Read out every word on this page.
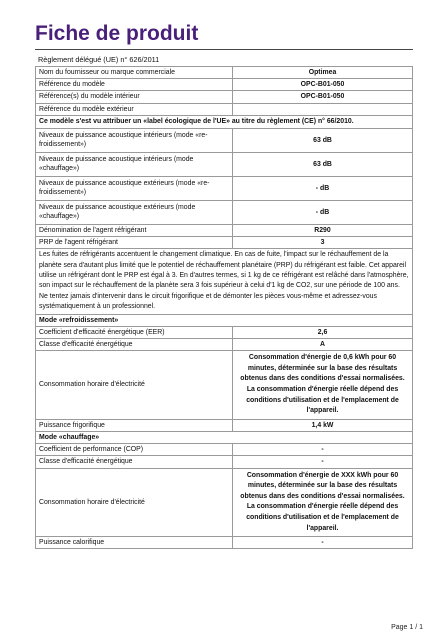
Fiche de produit
Règlement délégué (UE) n° 626/2011
Nom du fournisseur ou marque commerciale	Optimea
Référence du modèle	OPC-B01-050
Référence(s) du modèle intérieur	OPC-B01-050
Référence du modèle extérieur	
Ce modèle s'est vu attribuer un «label écologique de l'UE» au titre du règlement (CE) n° 66/2010.	
Niveaux de puissance acoustique intérieurs (mode «re-froidissement»)	63 dB
Niveaux de puissance acoustique intérieurs (mode «chauffage»)	63 dB
Niveaux de puissance acoustique extérieurs (mode «re-froidissement»)	- dB
Niveaux de puissance acoustique extérieurs (mode «chauffage»)	- dB
Dénomination de l'agent réfrigérant	R290
PRP de l'agent réfrigérant	3
Les fuites de réfrigérants accentuent le changement climatique. En cas de fuite, l'impact sur le réchauffement de la planète sera d'autant plus limité que le potentiel de réchauffement planétaire (PRP) du réfrigérant est faible. Cet appareil utilise un réfrigérant dont le PRP est égal à 3. En d'autres termes, si 1 kg de ce réfrigérant est relâché dans l'atmosphère, son impact sur le réchauffement de la planète sera 3 fois supérieur à celui d'1 kg de CO2, sur une période de 100 ans. Ne tentez jamais d'intervenir dans le circuit frigorifique et de démonter les pièces vous-même et adressez-vous systématiquement à un professionnel.	
Mode «refroidissement»	
Coefficient d'efficacité énergétique (EER)	2,6
Classe d'efficacité énergétique	A
Consommation horaire d'électricité	Consommation d'énergie de 0,6 kWh pour 60 minutes, déterminée sur la base des résultats obtenus dans des conditions d'essai normalisées. La consommation d'énergie réelle dépend des conditions d'utilisation et de l'emplacement de l'appareil.
Puissance frigorifique	1,4 kW
Mode «chauffage»	
Coefficient de performance (COP)	-
Classe d'efficacité énergétique	-
Consommation horaire d'électricité	Consommation d'énergie de XXX kWh pour 60 minutes, déterminée sur la base des résultats obtenus dans des conditions d'essai normalisées. La consommation d'énergie réelle dépend des conditions d'utilisation et de l'emplacement de l'appareil.
Puissance calorifique	-
Page 1 / 1
